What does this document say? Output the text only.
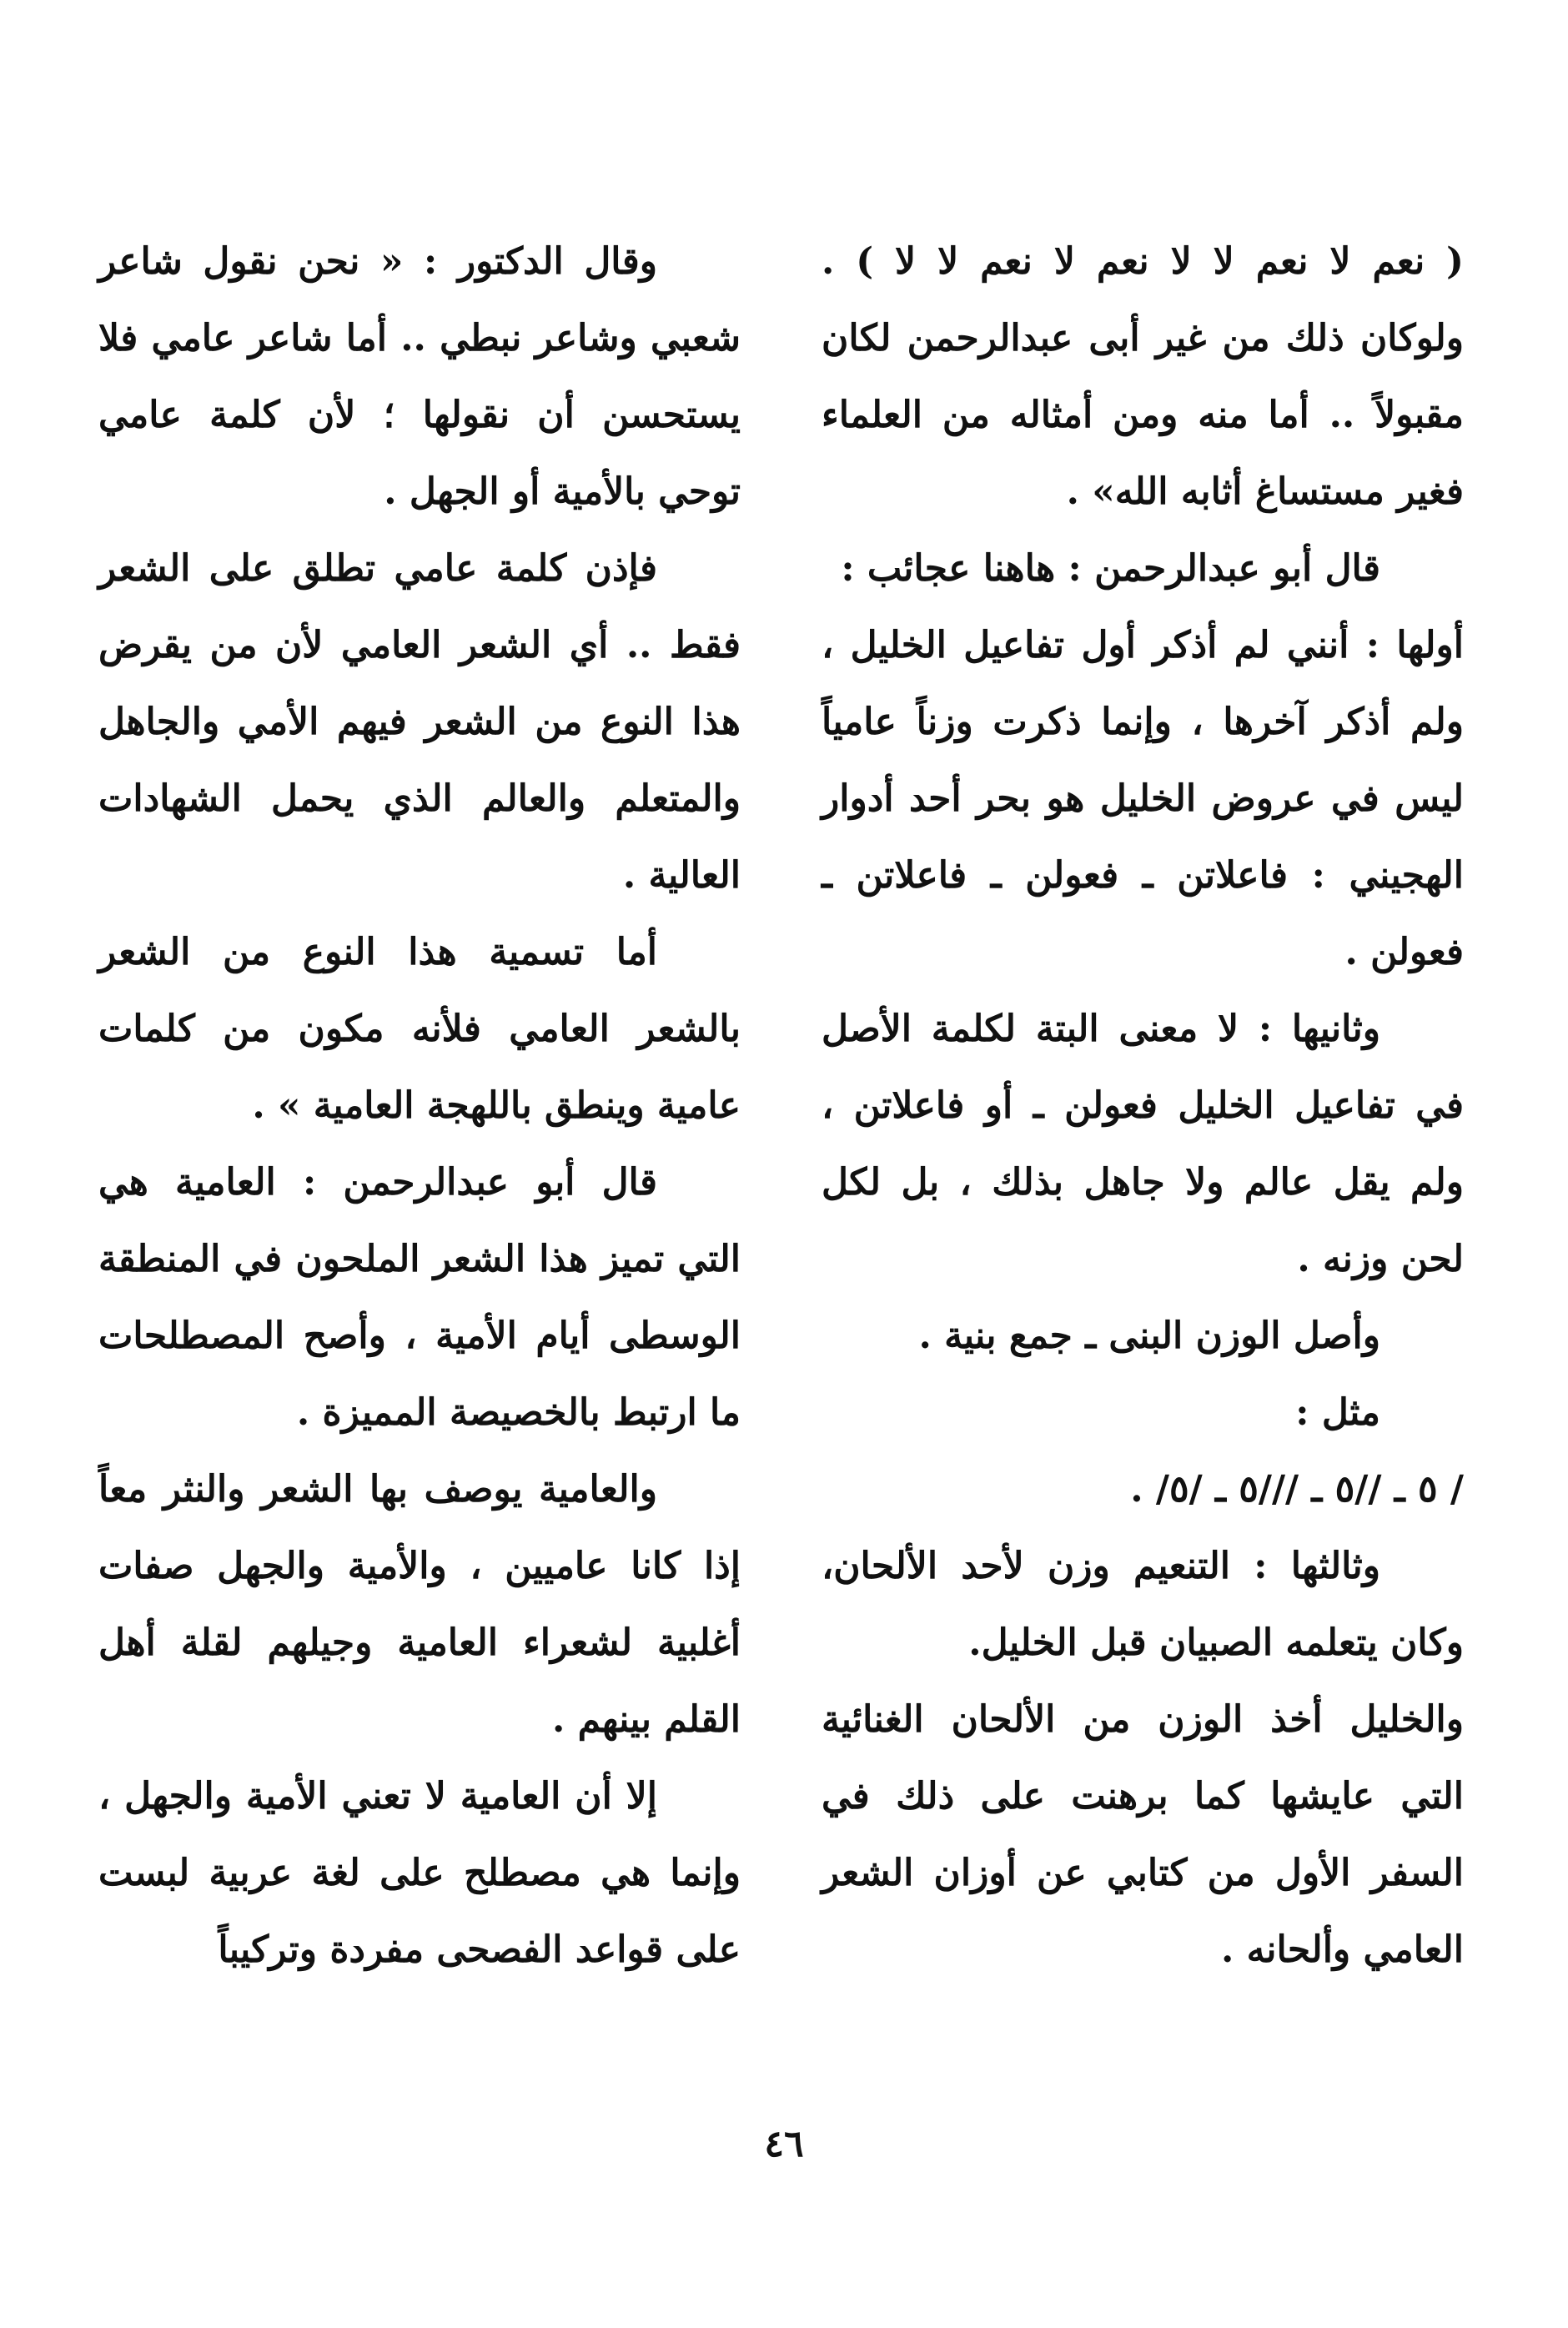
( نعم لا نعم لا لا نعم لا نعم لا لا ) . ولوكان ذلك من غير أبى عبدالرحمن لكان مقبولاً .. أما منه ومن أمثاله من العلماء فغير مستساغ أثابه الله» .

قال أبو عبدالرحمن : هاهنا عجائب :

أولها : أنني لم أذكر أول تفاعيل الخليل ، ولم أذكر آخرها ، وإنما ذكرت وزناً عامياً ليس في عروض الخليل هو بحر أحد أدوار الهجيني : فاعلاتن ـ فعولن ـ فاعلاتن ـ فعولن .

وثانيها : لا معنى البتة لكلمة الأصل في تفاعيل الخليل فعولن ـ أو فاعلاتن ، ولم يقل عالم ولا جاهل بذلك ، بل لكل لحن وزنه .

وأصل الوزن البنى ـ جمع بنية .

مثل :

/ ٥ ـ //٥ ـ ///٥ ـ /٥/ .

وثالثها : التنعيم وزن لأحد الألحان، وكان يتعلمه الصبيان قبل الخليل.

والخليل أخذ الوزن من الألحان الغنائية التي عايشها كما برهنت على ذلك في السفر الأول من كتابي عن أوزان الشعر العامي وألحانه .

وقال الدكتور : « نحن نقول شاعر شعبي وشاعر نبطي .. أما شاعر عامي فلا يستحسن أن نقولها ؛ لأن كلمة عامي توحي بالأمية أو الجهل .

فإذن كلمة عامي تطلق على الشعر فقط .. أي الشعر العامي لأن من يقرض هذا النوع من الشعر فيهم الأمي والجاهل والمتعلم والعالم الذي يحمل الشهادات العالية .

أما تسمية هذا النوع من الشعر بالشعر العامي فلأنه مكون من كلمات عامية وينطق باللهجة العامية » .

قال أبو عبدالرحمن : العامية هي التي تميز هذا الشعر الملحون في المنطقة الوسطى أيام الأمية ، وأصح المصطلحات ما ارتبط بالخصيصة المميزة .

والعامية يوصف بها الشعر والنثر معاً إذا كانا عاميين ، والأمية والجهل صفات أغلبية لشعراء العامية وجيلهم لقلة أهل القلم بينهم .

إلا أن العامية لا تعني الأمية والجهل ، وإنما هي مصطلح على لغة عربية لبست على قواعد الفصحى مفردة وتركيباً

٤٦
